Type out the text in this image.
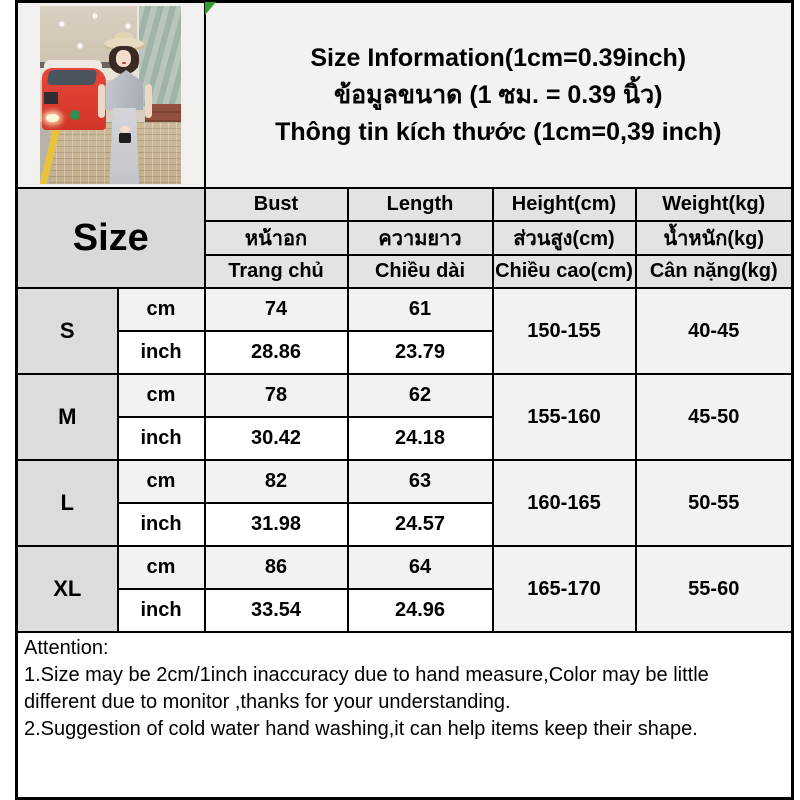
		Size Information(1cm=0.39inch)
ข้อมูลขนาด (1 ซม. = 0.39 นิ้ว)
Thông tin kích thước (1cm=0,39 inch)			

Size		Bust	Length	Height(cm)	Weight(kg)
		หน้าอก	ความยาว	ส่วนสูง(cm)	น้ำหนัก(kg)
		Trang chủ	Chiều dài	Chiều cao(cm)	Cân nặng(kg)
S	cm	74	61	150-155	40-45
	inch	28.86	23.79		
M	cm	78	62	155-160	45-50
	inch	30.42	24.18		
L	cm	82	63	160-165	50-55
	inch	31.98	24.57		
XL	cm	86	64	165-170	55-60
	inch	33.54	24.96		

Attention:
1.Size may be 2cm/1inch inaccuracy due to hand measure,Color may be little different due to monitor ,thanks for your understanding.
2.Suggestion of cold water hand washing,it can help items keep their shape.					
